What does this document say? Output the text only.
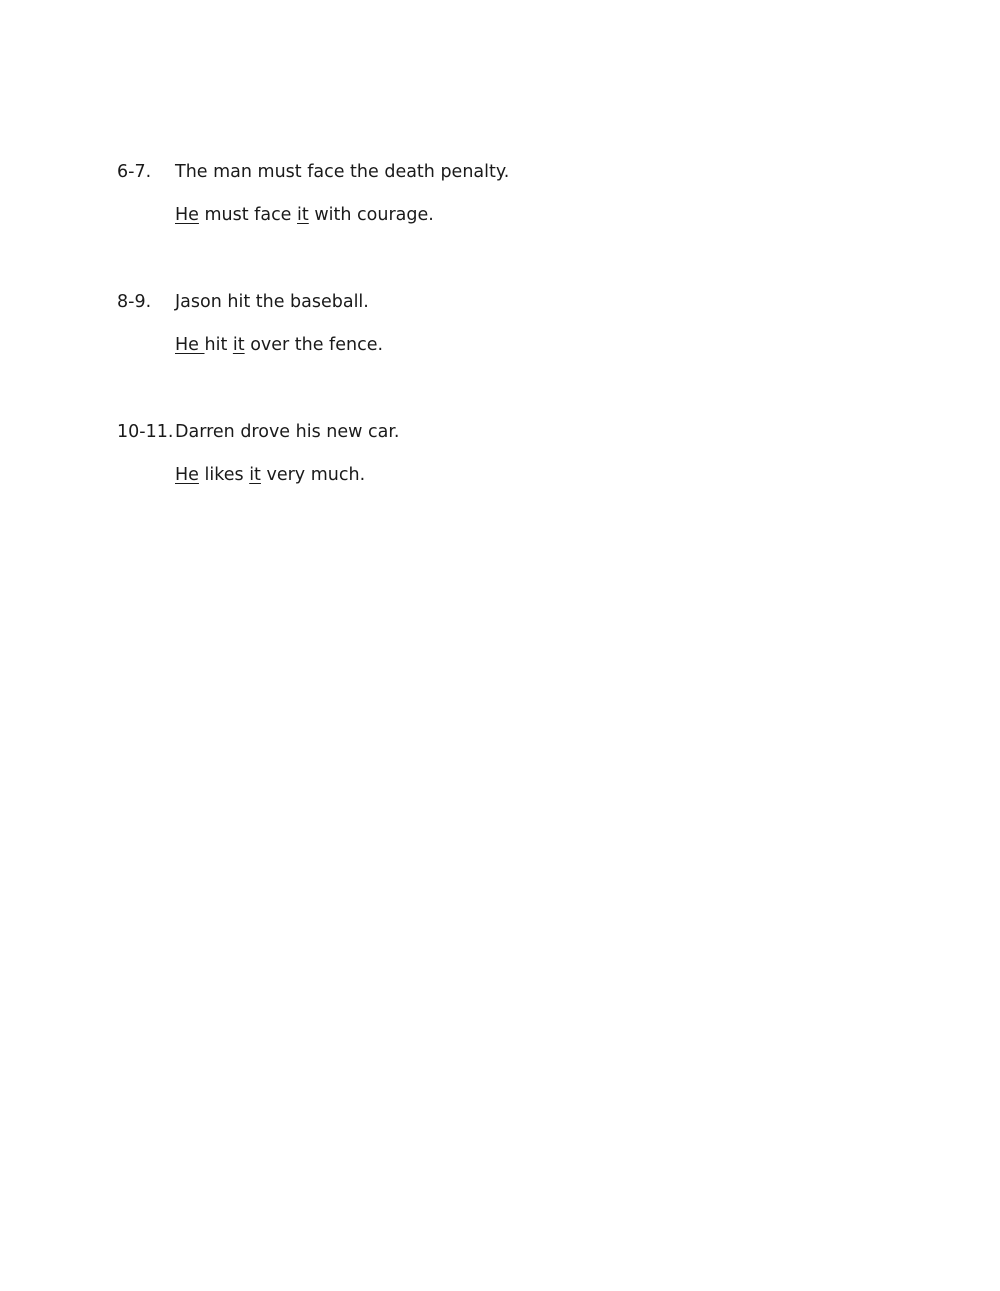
6-7.

The man must face the death penalty.

He must face it with courage.

8-9.

Jason hit the baseball.

He hit it over the fence.

10-11.

Darren drove his new car.

He likes it very much.
